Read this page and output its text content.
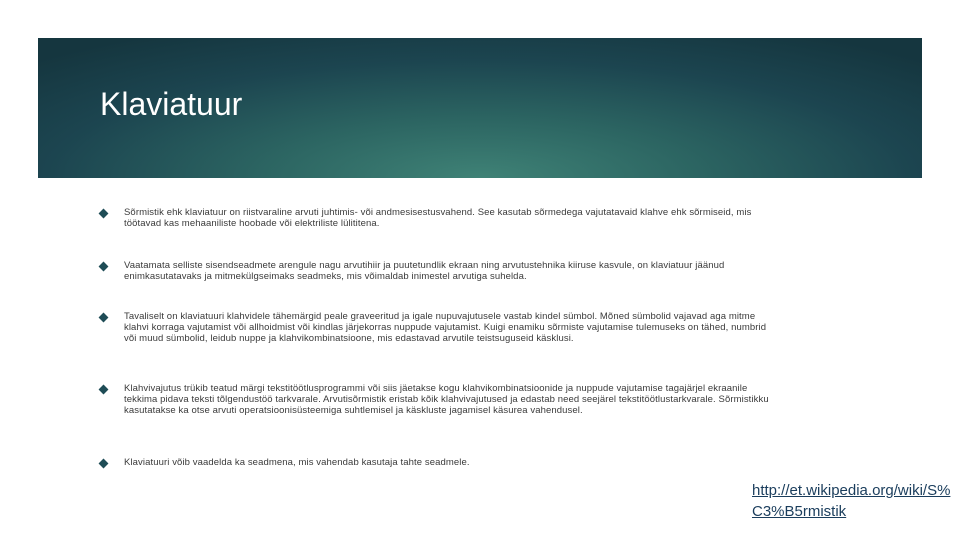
Klaviatuur
Sõrmistik ehk klaviatuur on riistvaraline arvuti juhtimis- või andmesisestusvahend. See kasutab sõrmedega vajutatavaid klahve ehk sõrmiseid, mis töötavad kas mehaaniliste hoobade või elektriliste lülititena.
Vaatamata selliste sisendseadmete arengule nagu arvutihiir ja puutetundlik ekraan ning arvutustehnika kiiruse kasvule, on klaviatuur jäänud enimkasutatavaks ja mitmekülgseimaks seadmeks, mis võimaldab inimestel arvutiga suhelda.
Tavaliselt on klaviatuuri klahvidele tähemärgid peale graveeritud ja igale nupuvajutusele vastab kindel sümbol. Mõned sümbolid vajavad aga mitme klahvi korraga vajutamist või allhoidmist või kindlas järjekorras nuppude vajutamist. Kuigi enamiku sõrmiste vajutamise tulemuseks on tähed, numbrid või muud sümbolid, leidub nuppe ja klahvikombinatsioone, mis edastavad arvutile teistsuguseid käsklusi.
Klahvivajutus trükib teatud märgi tekstitöötlusprogrammi või siis jäetakse kogu klahvikombinatsioonide ja nuppude vajutamise tagajärjel ekraanile tekkima pidava teksti tõlgendustöö tarkvarale. Arvutisõrmistik eristab kõik klahvivajutused ja edastab need seejärel tekstitöötlustarkvarale. Sõrmistikku kasutatakse ka otse arvuti operatsioonisüsteemiga suhtlemisel ja käskluste jagamisel käsurea vahendusel.
Klaviatuuri võib vaadelda ka seadmena, mis vahendab kasutaja tahte seadmele.
http://et.wikipedia.org/wiki/S%C3%B5rmistik
